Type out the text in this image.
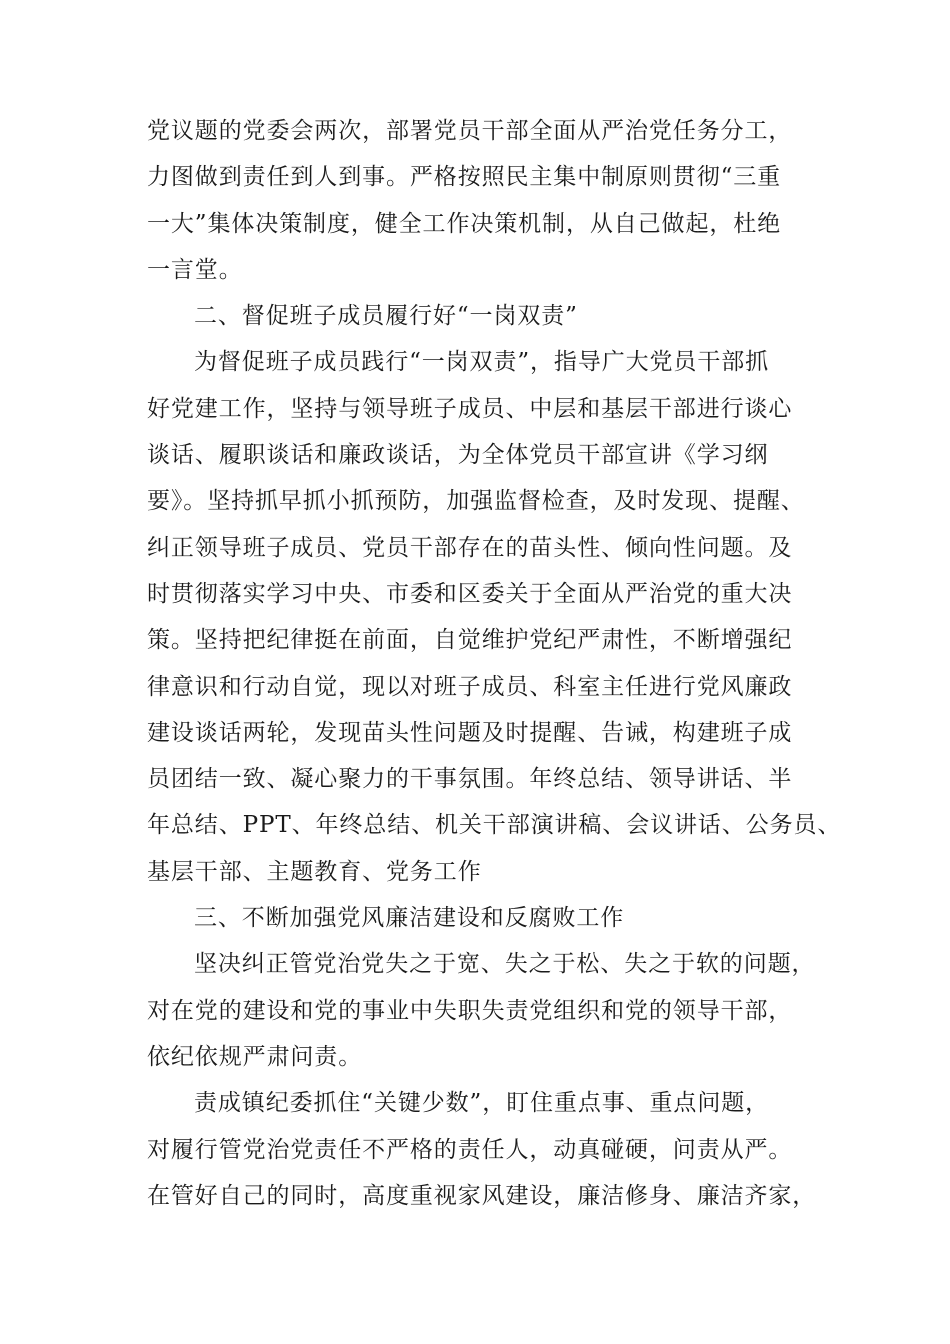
党议题的党委会两次，部署党员干部全面从严治党任务分工，
力图做到责任到人到事。严格按照民主集中制原则贯彻“三重
一大”集体决策制度，健全工作决策机制，从自己做起，杜绝
一言堂。
二、督促班子成员履行好“一岗双责”
为督促班子成员践行“一岗双责”，指导广大党员干部抓
好党建工作，坚持与领导班子成员、中层和基层干部进行谈心
谈话、履职谈话和廉政谈话，为全体党员干部宣讲《学习纲
要》。坚持抓早抓小抓预防，加强监督检查，及时发现、提醒、
纠正领导班子成员、党员干部存在的苗头性、倾向性问题。及
时贯彻落实学习中央、市委和区委关于全面从严治党的重大决
策。坚持把纪律挺在前面，自觉维护党纪严肃性，不断增强纪
律意识和行动自觉，现以对班子成员、科室主任进行党风廉政
建设谈话两轮，发现苗头性问题及时提醒、告诫，构建班子成
员团结一致、凝心聚力的干事氛围。年终总结、领导讲话、半
年总结、PPT、年终总结、机关干部演讲稿、会议讲话、公务员、
基层干部、主题教育、党务工作
三、不断加强党风廉洁建设和反腐败工作
坚决纠正管党治党失之于宽、失之于松、失之于软的问题，
对在党的建设和党的事业中失职失责党组织和党的领导干部，
依纪依规严肃问责。
责成镇纪委抓住“关键少数”，盯住重点事、重点问题，
对履行管党治党责任不严格的责任人，动真碰硬，问责从严。
在管好自己的同时，高度重视家风建设，廉洁修身、廉洁齐家，
